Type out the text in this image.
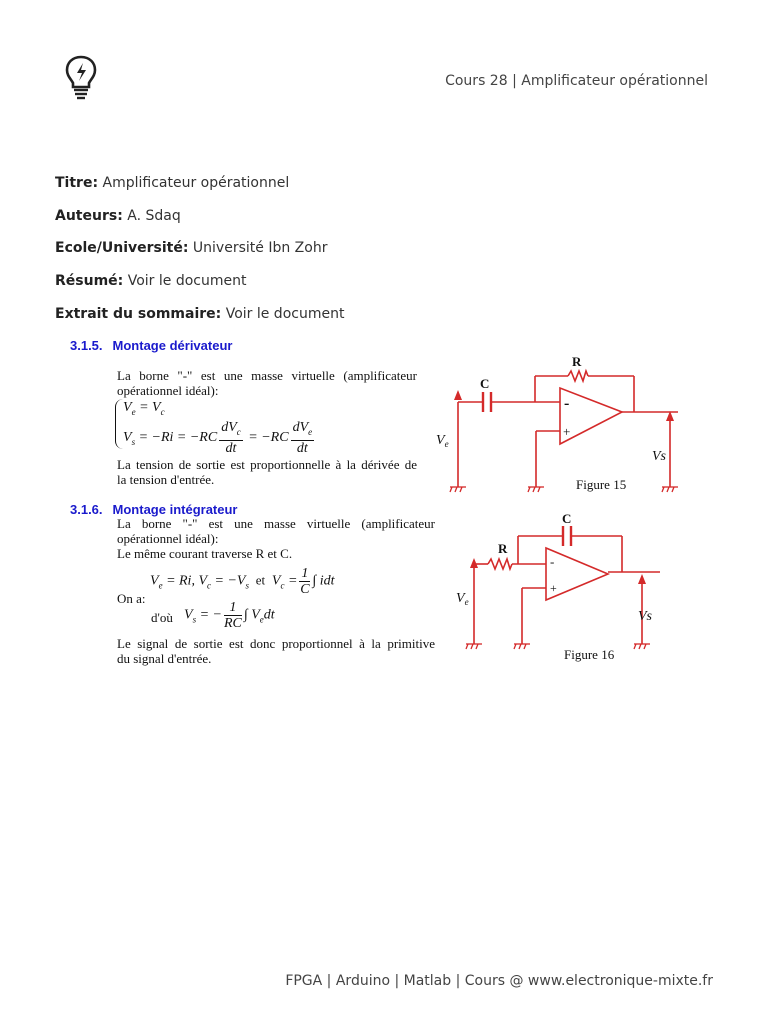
Cours 28 | Amplificateur opérationnel
Titre: Amplificateur opérationnel
Auteurs: A. Sdaq
Ecole/Université: Université Ibn Zohr
Résumé: Voir le document
Extrait du sommaire: Voir le document
3.1.5. Montage dérivateur
La borne "-" est une masse virtuelle (amplificateur
opérationnel idéal):
$V_e = V_c$
$V_s = -Ri = -RC \frac{dV_c}{dt} = -RC \frac{dV_e}{dt}$
La tension de sortie est proportionnelle à la dérivée de
la tension d'entrée.
C
R
-
+
$V_e$
Vs
Figure 15
3.1.6. Montage intégrateur
La borne "-" est une masse virtuelle (amplificateur
opérationnel idéal):
Le même courant traverse R et C.
$V_e = Ri$, $V_c = -V_s$  et  $V_c = \frac{1}{C}$ ∫ idt
On a:
d'où $V_s$ = − $\frac{1}{RC}$ ∫ $V_edt$
Le signal de sortie est donc proportionnel à la primitive
du signal d'entrée.
C
R
-
+
$V_e$
Vs
Figure 16
FPGA | Arduino | Matlab | Cours @ www.electronique-mixte.fr
